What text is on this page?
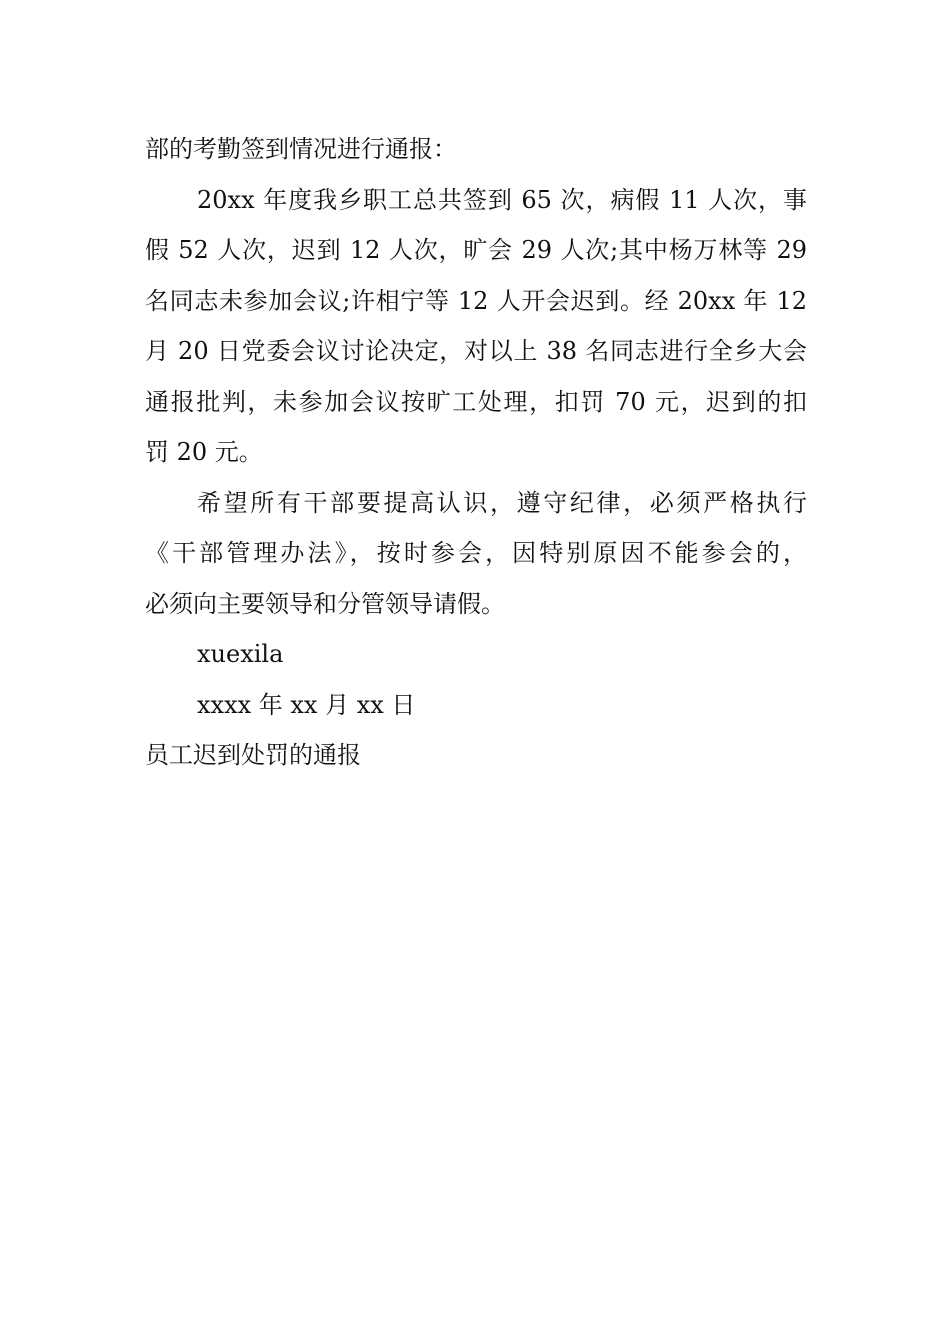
部的考勤签到情况进行通报：
20xx 年度我乡职工总共签到 65 次，病假 11 人次，事
假 52 人次，迟到 12 人次，旷会 29 人次;其中杨万林等 29
名同志未参加会议;许相宁等 12 人开会迟到。经 20xx 年 12
月 20 日党委会议讨论决定，对以上 38 名同志进行全乡大会
通报批判，未参加会议按旷工处理，扣罚 70 元，迟到的扣
罚 20 元。
希望所有干部要提高认识，遵守纪律，必须严格执行
《干部管理办法》，按时参会，因特别原因不能参会的，
必须向主要领导和分管领导请假。
xuexila
xxxx 年 xx 月 xx 日
员工迟到处罚的通报
